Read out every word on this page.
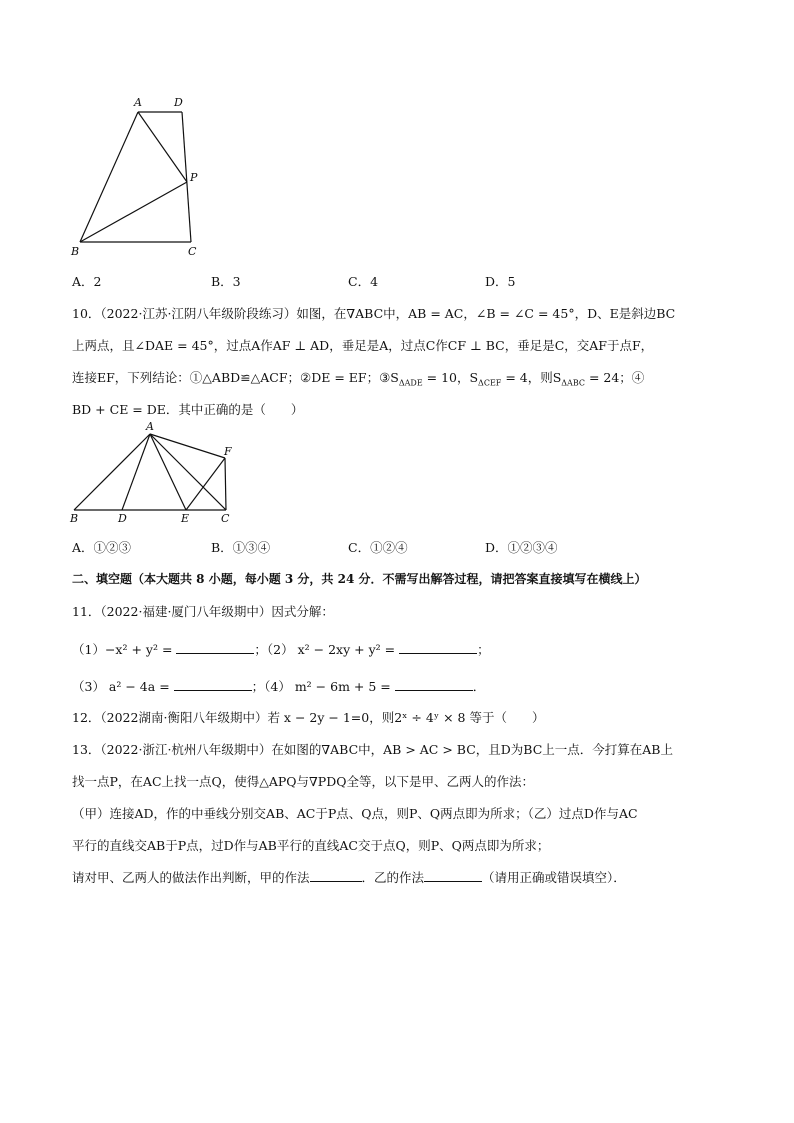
A	D
P
B	C
A．2	B．3	C．4	D．5
10．（2022·江苏·江阴八年级阶段练习）如图，在∇ABC中，AB = AC，∠B = ∠C = 45°，D、E是斜边BC
上两点，且∠DAE = 45°，过点A作AF ⊥ AD，垂足是A，过点C作CF ⊥ BC，垂足是C，交AF于点F，
连接EF，下列结论：①△ABD≌△ACF；②DE = EF；$③S_{\Delta ADE} = 10$，$S_{\Delta CEF} = 4$，则$S_{\Delta ABC} = 24$；④
BD + CE = DE．其中正确的是（　　）
A
F
B	D	E	C
A．①②③	B．①③④	C．①②④	D．①②③④
二、填空题（本大题共 8 小题，每小题 3 分，共 24 分．不需写出解答过程，请把答案直接填写在横线上）
11．（2022·福建·厦门八年级期中）因式分解：
（1）−x² + y² =	；（2） x² − 2xy + y² =	；
（3） a² − 4a =	；（4） m² − 6m + 5 =	．
12．（2022湖南·衡阳八年级期中）若 x − 2y − 1=0，则2ˣ ÷ 4ʸ × 8 等于（　　）
13．（2022·浙江·杭州八年级期中）在如图的∇ABC中，AB > AC > BC，且D为BC上一点．今打算在AB上
找一点P，在AC上找一点Q，使得△APQ与∇PDQ全等，以下是甲、乙两人的作法：
（甲）连接AD，作的中垂线分别交AB、AC于P点、Q点，则P、Q两点即为所求；（乙）过点D作与AC
平行的直线交AB于P点，过D作与AB平行的直线AC交于点Q，则P、Q两点即为所求；
请对甲、乙两人的做法作出判断，甲的作法	．乙的作法	（请用正确或错误填空）．
